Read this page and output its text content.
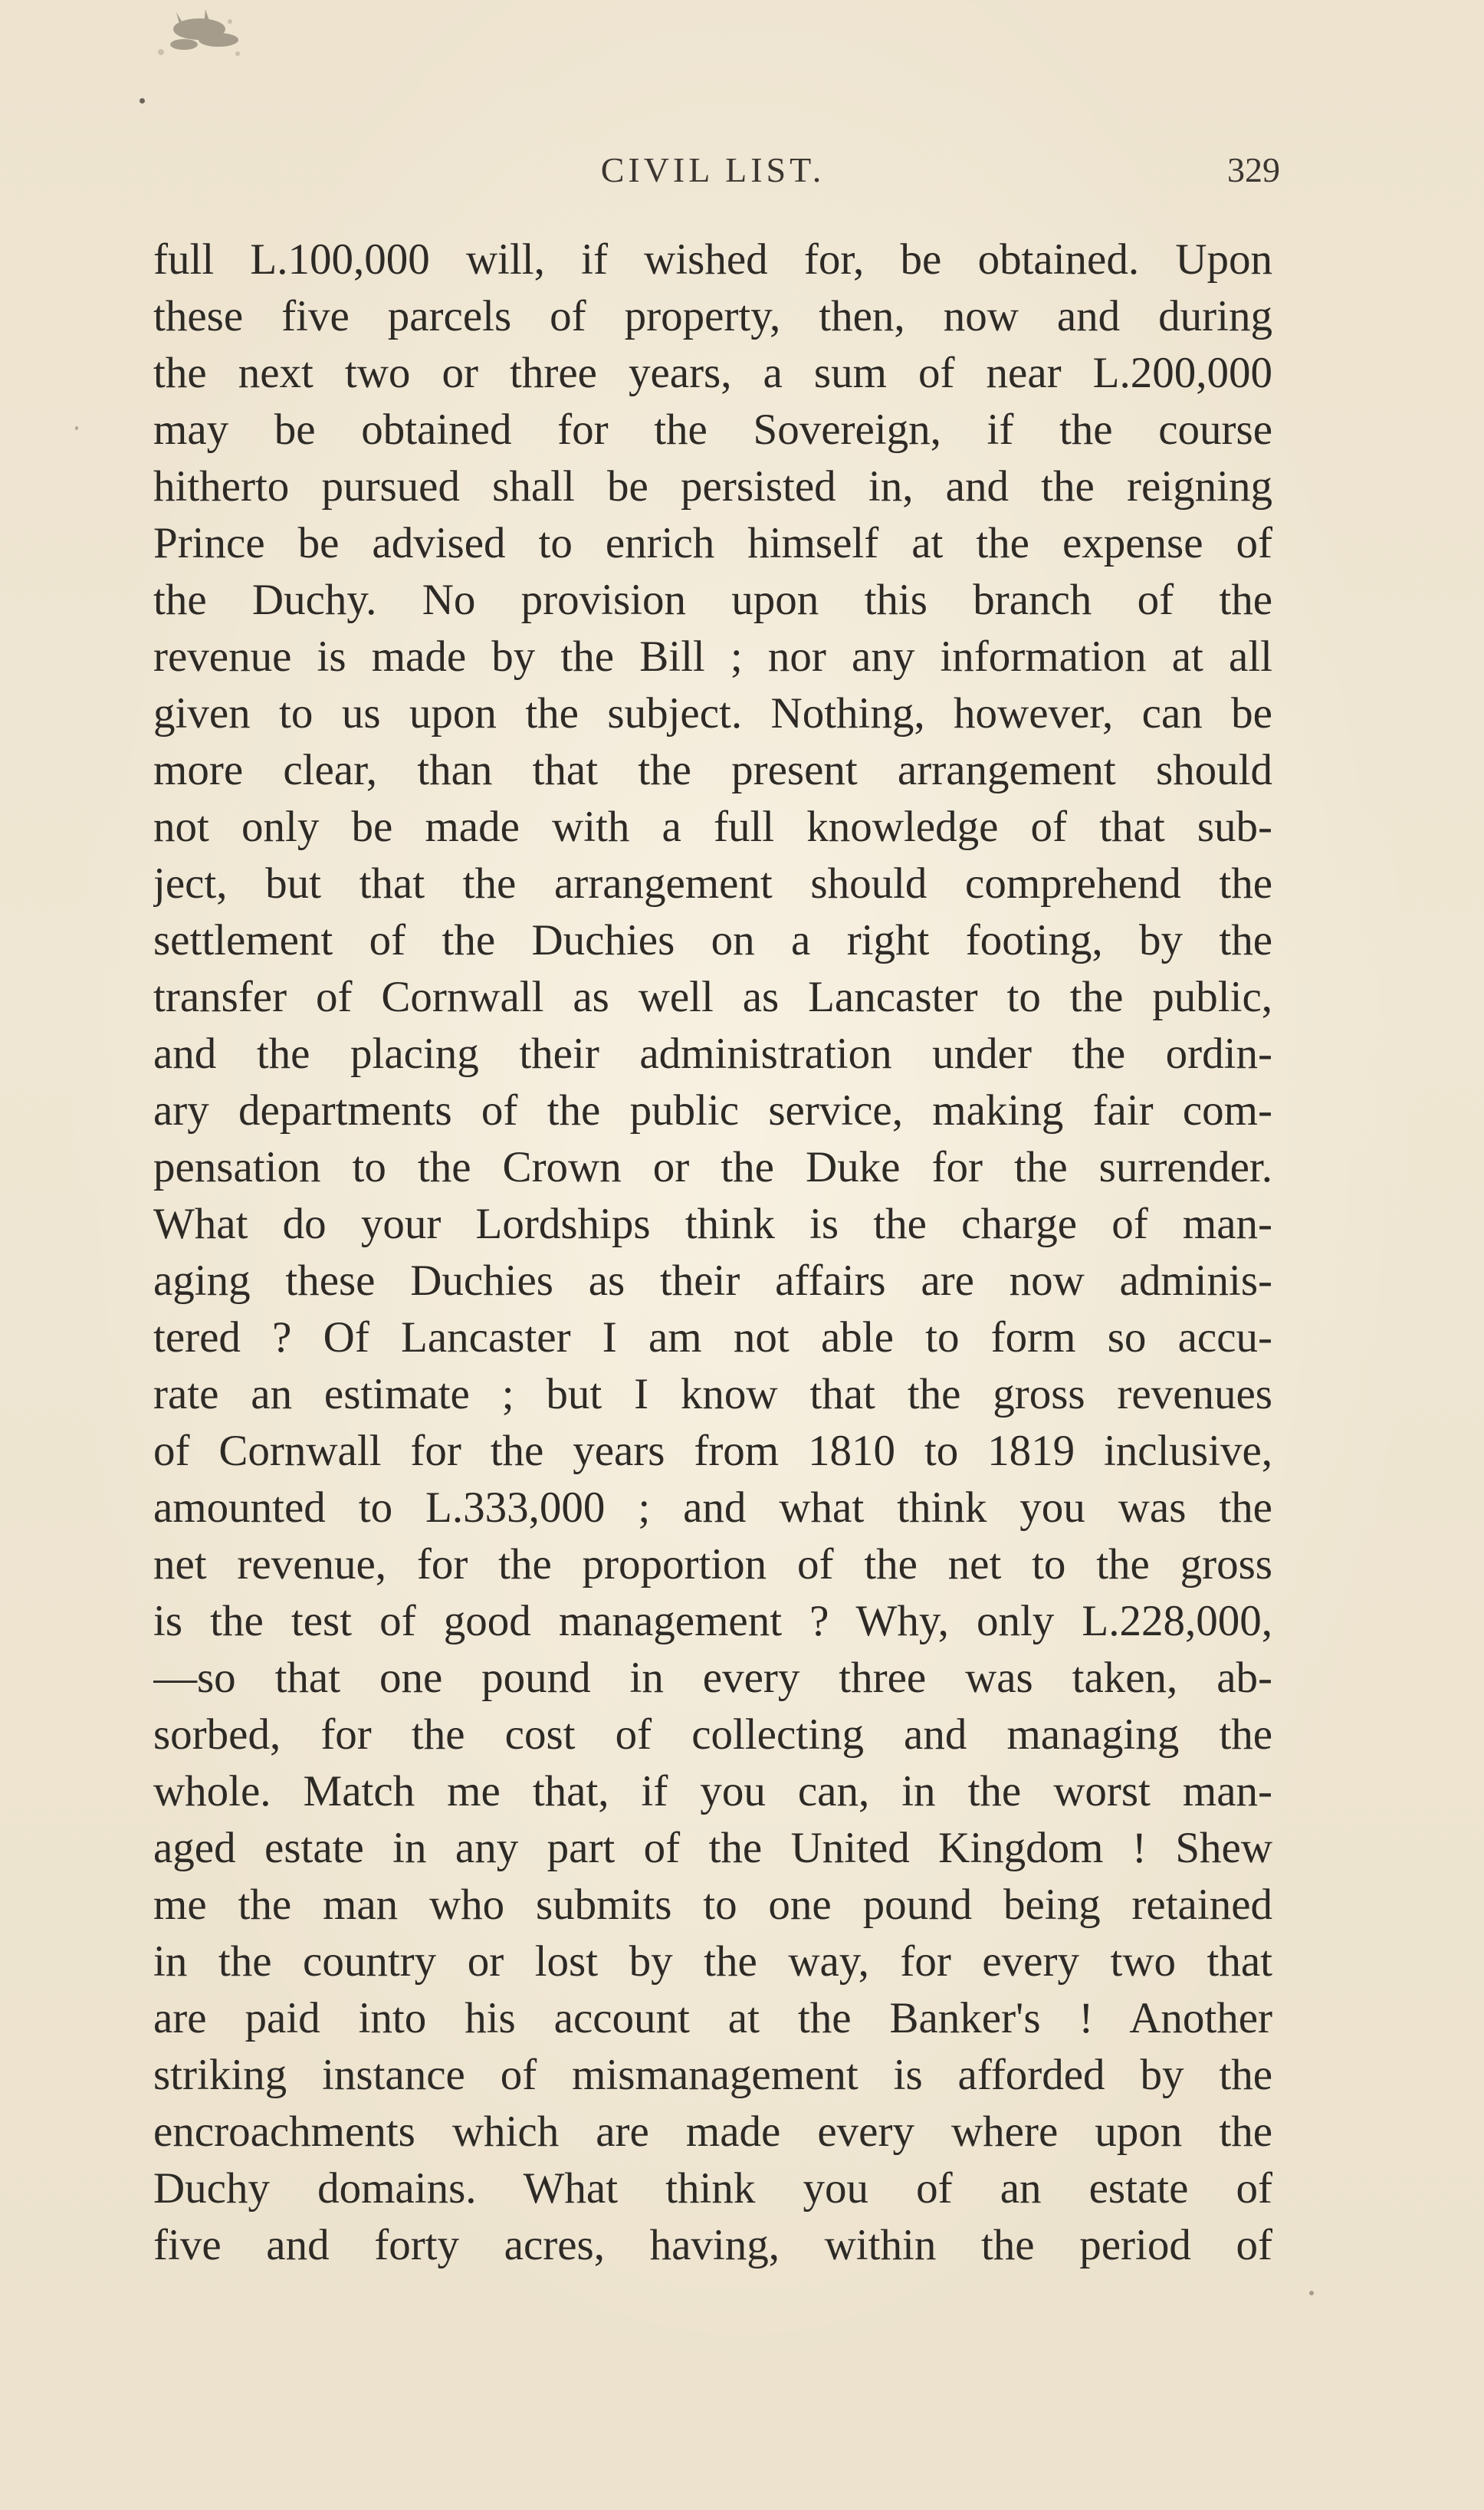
CIVIL LIST.	329
full L.100,000 will, if wished for, be obtained. Upon
these five parcels of property, then, now and during
the next two or three years, a sum of near L.200,000
may be obtained for the Sovereign, if the course
hitherto pursued shall be persisted in, and the reigning
Prince be advised to enrich himself at the expense of
the Duchy. No provision upon this branch of the
revenue is made by the Bill ; nor any information at all
given to us upon the subject. Nothing, however, can be
more clear, than that the present arrangement should
not only be made with a full knowledge of that sub-
ject, but that the arrangement should comprehend the
settlement of the Duchies on a right footing, by the
transfer of Cornwall as well as Lancaster to the public,
and the placing their administration under the ordin-
ary departments of the public service, making fair com-
pensation to the Crown or the Duke for the surrender.
What do your Lordships think is the charge of man-
aging these Duchies as their affairs are now adminis-
tered ? Of Lancaster I am not able to form so accu-
rate an estimate ; but I know that the gross revenues
of Cornwall for the years from 1810 to 1819 inclusive,
amounted to L.333,000 ; and what think you was the
net revenue, for the proportion of the net to the gross
is the test of good management ? Why, only L.228,000,
—so that one pound in every three was taken, ab-
sorbed, for the cost of collecting and managing the
whole. Match me that, if you can, in the worst man-
aged estate in any part of the United Kingdom ! Shew
me the man who submits to one pound being retained
in the country or lost by the way, for every two that
are paid into his account at the Banker's ! Another
striking instance of mismanagement is afforded by the
encroachments which are made every where upon the
Duchy domains. What think you of an estate of
five and forty acres, having, within the period of
